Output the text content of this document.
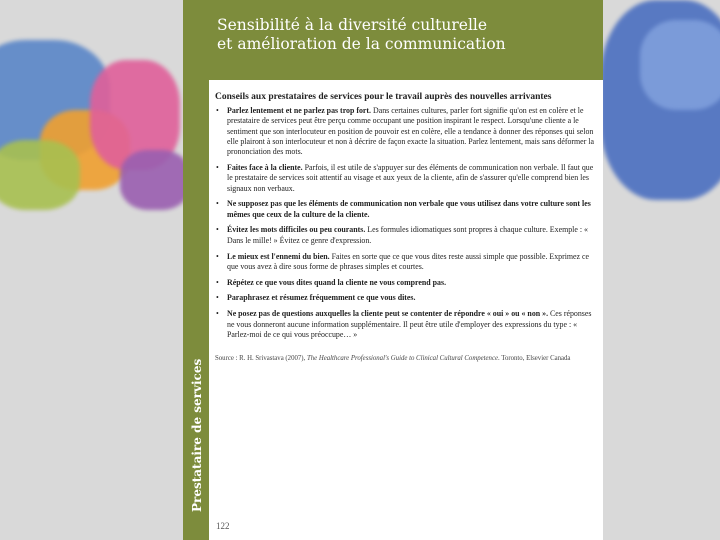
Sensibilité à la diversité culturelle
et amélioration de la communication
Prestataire de services
Conseils aux prestataires de services pour le travail auprès des nouvelles arrivantes
• Parlez lentement et ne parlez pas trop fort. Dans certaines cultures, parler fort signifie qu'on est en colère et le prestataire de services peut être perçu comme occupant une position inspirant le respect. Lorsqu'une cliente a le sentiment que son interlocuteur en position de pouvoir est en colère, elle a tendance à donner des réponses qui selon elle plairont à son interlocuteur et non à décrire de façon exacte la situation. Parlez lentement, mais sans déformer la prononciation des mots.
• Faites face à la cliente. Parfois, il est utile de s'appuyer sur des éléments de communication non verbale. Il faut que le prestataire de services soit attentif au visage et aux yeux de la cliente, afin de s'assurer qu'elle comprend bien les signaux non verbaux.
• Ne supposez pas que les éléments de communication non verbale que vous utilisez dans votre culture sont les mêmes que ceux de la culture de la cliente.
• Évitez les mots difficiles ou peu courants. Les formules idiomatiques sont propres à chaque culture. Exemple : « Dans le mille! » Évitez ce genre d'expression.
• Le mieux est l'ennemi du bien. Faites en sorte que ce que vous dites reste aussi simple que possible. Exprimez ce que vous avez à dire sous forme de phrases simples et courtes.
• Répétez ce que vous dites quand la cliente ne vous comprend pas.
• Paraphrasez et résumez fréquemment ce que vous dites.
• Ne posez pas de questions auxquelles la cliente peut se contenter de répondre « oui » ou « non ». Ces réponses ne vous donneront aucune information supplémentaire. Il peut être utile d'employer des expressions du type : « Parlez-moi de ce qui vous préoccupe… »
Source : R. H. Srivastava (2007), The Healthcare Professional's Guide to Clinical Cultural Competence. Toronto, Elsevier Canada
122
